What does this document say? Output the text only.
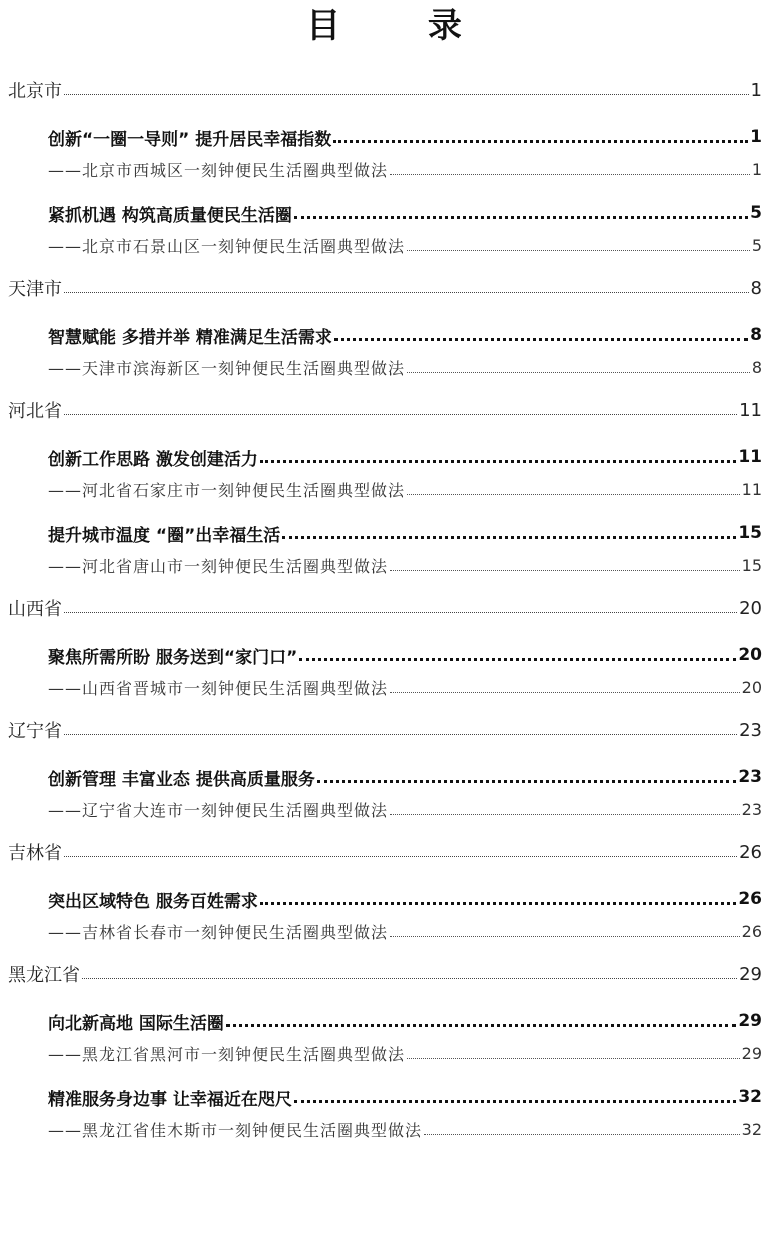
目 录
北京市	1
创新“一圈一导则” 提升居民幸福指数	1
——北京市西城区一刻钟便民生活圈典型做法	1
紧抓机遇 构筑高质量便民生活圈	5
——北京市石景山区一刻钟便民生活圈典型做法	5
天津市	8
智慧赋能 多措并举 精准满足生活需求	8
——天津市滨海新区一刻钟便民生活圈典型做法	8
河北省	11
创新工作思路 激发创建活力	11
——河北省石家庄市一刻钟便民生活圈典型做法	11
提升城市温度 “圈”出幸福生活	15
——河北省唐山市一刻钟便民生活圈典型做法	15
山西省	20
聚焦所需所盼 服务送到“家门口”	20
——山西省晋城市一刻钟便民生活圈典型做法	20
辽宁省	23
创新管理 丰富业态 提供高质量服务	23
——辽宁省大连市一刻钟便民生活圈典型做法	23
吉林省	26
突出区域特色 服务百姓需求	26
——吉林省长春市一刻钟便民生活圈典型做法	26
黑龙江省	29
向北新高地 国际生活圈	29
——黑龙江省黑河市一刻钟便民生活圈典型做法	29
精准服务身边事 让幸福近在咫尺	32
——黑龙江省佳木斯市一刻钟便民生活圈典型做法	32
